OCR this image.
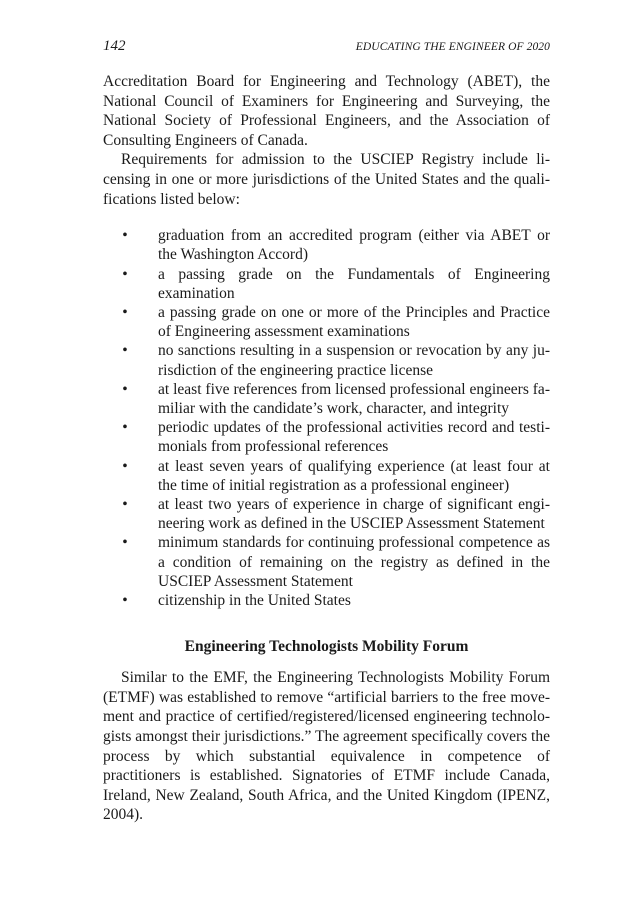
142	EDUCATING THE ENGINEER OF 2020

Accreditation Board for Engineering and Technology (ABET), the National Council of Examiners for Engineering and Surveying, the National Society of Professional Engineers, and the Association of Consulting Engineers of Canada.

Requirements for admission to the USCIEP Registry include licensing in one or more jurisdictions of the United States and the qualifications listed below:

• graduation from an accredited program (either via ABET or the Washington Accord)
• a passing grade on the Fundamentals of Engineering examination
• a passing grade on one or more of the Principles and Practice of Engineering assessment examinations
• no sanctions resulting in a suspension or revocation by any jurisdiction of the engineering practice license
• at least five references from licensed professional engineers familiar with the candidate’s work, character, and integrity
• periodic updates of the professional activities record and testimonials from professional references
• at least seven years of qualifying experience (at least four at the time of initial registration as a professional engineer)
• at least two years of experience in charge of significant engineering work as defined in the USCIEP Assessment Statement
• minimum standards for continuing professional competence as a condition of remaining on the registry as defined in the USCIEP Assessment Statement
• citizenship in the United States
Engineering Technologists Mobility Forum

Similar to the EMF, the Engineering Technologists Mobility Forum (ETMF) was established to remove “artificial barriers to the free movement and practice of certified/registered/licensed engineering technologists amongst their jurisdictions.” The agreement specifically covers the process by which substantial equivalence in competence of practitioners is established. Signatories of ETMF include Canada, Ireland, New Zealand, South Africa, and the United Kingdom (IPENZ, 2004).
